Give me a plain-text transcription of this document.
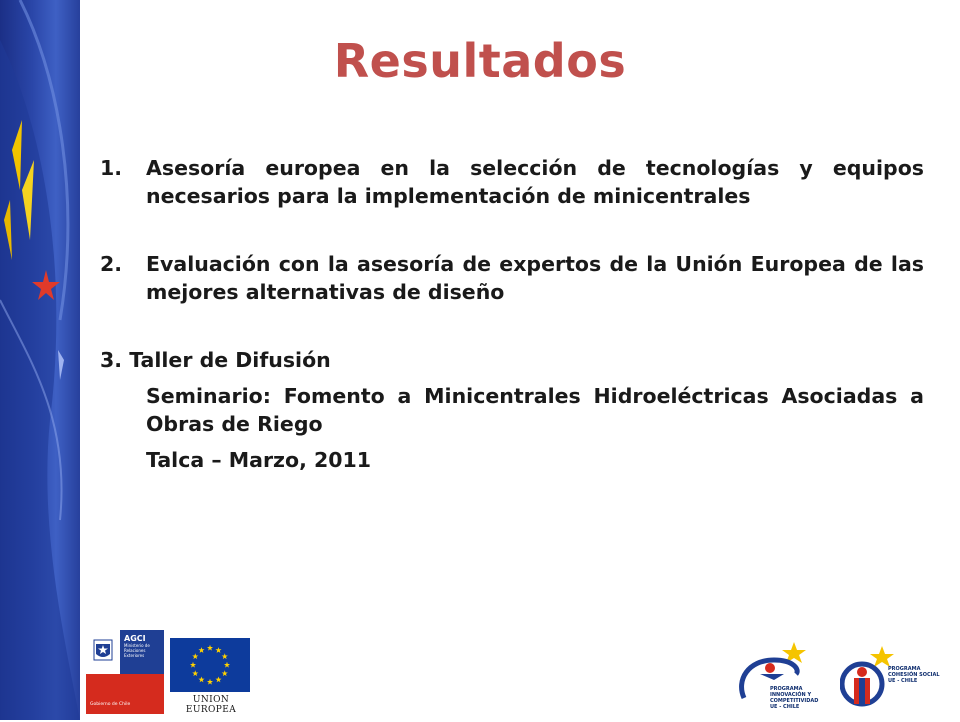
Resultados
1.	Asesoría europea en la selección de tecnologías y equipos necesarios para la implementación de minicentrales
2.	Evaluación con la asesoría de expertos de la Unión Europea de las mejores alternativas de diseño
3. Taller de Difusión
Seminario: Fomento a Minicentrales Hidroeléctricas Asociadas a Obras de Riego
Talca – Marzo, 2011
AGCI
Ministerio de
Relaciones Exteriores
Gobierno de Chile	UNION EUROPEA
PROGRAMA
INNOVACIÓN Y
COMPETITIVIDAD
UE - CHILE
PROGRAMA
COHESIÓN SOCIAL
UE - CHILE
